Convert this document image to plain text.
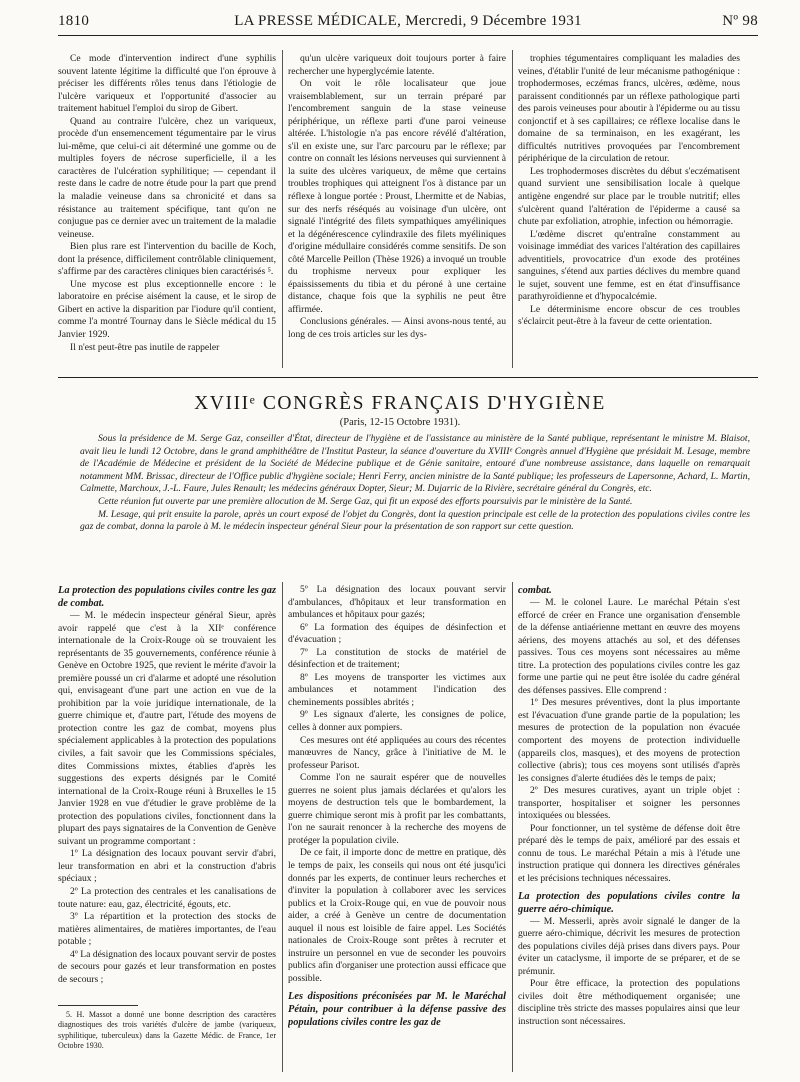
1810	LA PRESSE MÉDICALE, Mercredi, 9 Décembre 1931	Nº 98

Ce mode d'intervention indirect d'une syphilis souvent latente légitime la difficulté que l'on éprouve à préciser les différents rôles tenus dans l'étiologie de l'ulcère variqueux et l'opportunité d'associer au traitement habituel l'emploi du sirop de Gibert.

Quand au contraire l'ulcère, chez un variqueux, procède d'un ensemencement tégumentaire par le virus lui-même, que celui-ci ait déterminé une gomme ou de multiples foyers de nécrose superficielle, il a les caractères de l'ulcération syphilitique; — cependant il reste dans le cadre de notre étude pour la part que prend la maladie veineuse dans sa chronicité et dans sa résistance au traitement spécifique, tant qu'on ne conjugue pas ce dernier avec un traitement de la maladie veineuse.

Bien plus rare est l'intervention du bacille de Koch, dont la présence, difficilement contrôlable cliniquement, s'affirme par des caractères cliniques bien caractérisés ⁵.

Une mycose est plus exceptionnelle encore : le laboratoire en précise aisément la cause, et le sirop de Gibert en active la disparition par l'iodure qu'il contient, comme l'a montré Tournay dans le Siècle médical du 15 Janvier 1929.

Il n'est peut-être pas inutile de rappeler

qu'un ulcère variqueux doit toujours porter à faire rechercher une hyperglycémie latente.

On voit le rôle localisateur que joue vraisemblablement, sur un terrain préparé par l'encombrement sanguin de la stase veineuse périphérique, un réflexe parti d'une paroi veineuse altérée. L'histologie n'a pas encore révélé d'altération, s'il en existe une, sur l'arc parcouru par le réflexe; par contre on connaît les lésions nerveuses qui surviennent à la suite des ulcères variqueux, de même que certains troubles trophiques qui atteignent l'os à distance par un réflexe à longue portée : Proust, Lhermitte et de Nabias, sur des nerfs réséqués au voisinage d'un ulcère, ont signalé l'intégrité des filets sympathiques amyéliniques et la dégénérescence cylindraxile des filets myéliniques d'origine médullaire considérés comme sensitifs. De son côté Marcelle Peillon (Thèse 1926) a invoqué un trouble du trophisme nerveux pour expliquer les épaississements du tibia et du péroné à une certaine distance, chaque fois que la syphilis ne peut être affirmée.

Conclusions générales. — Ainsi avons-nous tenté, au long de ces trois articles sur les dys-

trophies tégumentaires compliquant les maladies des veines, d'établir l'unité de leur mécanisme pathogénique : trophodermoses, eczémas francs, ulcères, œdème, nous paraissent conditionnés par un réflexe pathologique parti des parois veineuses pour aboutir à l'épiderme ou au tissu conjonctif et à ses capillaires; ce réflexe localise dans le domaine de sa terminaison, en les exagérant, les difficultés nutritives provoquées par l'encombrement périphérique de la circulation de retour.

Les trophodermoses discrètes du début s'eczématisent quand survient une sensibilisation locale à quelque antigène engendré sur place par le trouble nutritif; elles s'ulcèrent quand l'altération de l'épiderme a causé sa chute par exfoliation, atrophie, infection ou hémorragie.

L'œdème discret qu'entraîne constamment au voisinage immédiat des varices l'altération des capillaires adventitiels, provocatrice d'un exode des protéines sanguines, s'étend aux parties déclives du membre quand le sujet, souvent une femme, est en état d'insuffisance parathyroïdienne et d'hypocalcémie.

Le déterminisme encore obscur de ces troubles s'éclaircit peut-être à la faveur de cette orientation.

XVIIIᵉ CONGRÈS FRANÇAIS D'HYGIÈNE
(Paris, 12-15 Octobre 1931).

Sous la présidence de M. Serge Gaz, conseiller d'État, directeur de l'hygiène et de l'assistance au ministère de la Santé publique, représentant le ministre M. Blaisot, avait lieu le lundi 12 Octobre, dans le grand amphithéâtre de l'Institut Pasteur, la séance d'ouverture du XVIIIᵉ Congrès annuel d'Hygiène que présidait M. Lesage, membre de l'Académie de Médecine et président de la Société de Médecine publique et de Génie sanitaire, entouré d'une nombreuse assistance, dans laquelle on remarquait notamment MM. Brissac, directeur de l'Office public d'hygiène sociale; Henri Ferry, ancien ministre de la Santé publique; les professeurs de Lapersonne, Achard, L. Martin, Calmette, Marchoux, J.-L. Faure, Jules Renault; les médecins généraux Dopter, Sieur; M. Dujarric de la Rivière, secrétaire général du Congrès, etc.

Cette réunion fut ouverte par une première allocution de M. Serge Gaz, qui fit un exposé des efforts poursuivis par le ministère de la Santé.

M. Lesage, qui prit ensuite la parole, après un court exposé de l'objet du Congrès, dont la question principale est celle de la protection des populations civiles contre les gaz de combat, donna la parole à M. le médecin inspecteur général Sieur pour la présentation de son rapport sur cette question.

La protection des populations civiles contre les gaz de combat.

— M. le médecin inspecteur général Sieur, après avoir rappelé que c'est à la XIIᵉ conférence internationale de la Croix-Rouge où se trouvaient les représentants de 35 gouvernements, conférence réunie à Genève en Octobre 1925, que revient le mérite d'avoir la première poussé un cri d'alarme et adopté une résolution qui, envisageant d'une part une action en vue de la prohibition par la voie juridique internationale, de la guerre chimique et, d'autre part, l'étude des moyens de protection contre les gaz de combat, moyens plus spécialement applicables à la protection des populations civiles, a fait savoir que les Commissions spéciales, dites Commissions mixtes, établies d'après les suggestions des experts désignés par le Comité international de la Croix-Rouge réuni à Bruxelles le 15 Janvier 1928 en vue d'étudier le grave problème de la protection des populations civiles, fonctionnent dans la plupart des pays signataires de la Convention de Genève suivant un programme comportant :

1º La désignation des locaux pouvant servir d'abri, leur transformation en abri et la construction d'abris spéciaux ;

2º La protection des centrales et les canalisations de toute nature: eau, gaz, électricité, égouts, etc.

3º La répartition et la protection des stocks de matières alimentaires, de matières importantes, de l'eau potable ;

4º La désignation des locaux pouvant servir de postes de secours pour gazés et leur transformation en postes de secours ;

5. H. Massot a donné une bonne description des caractères diagnostiques des trois variétés d'ulcère de jambe (variqueux, syphilitique, tuberculeux) dans la Gazette Médic. de France, 1er Octobre 1930.

5º La désignation des locaux pouvant servir d'ambulances, d'hôpitaux et leur transformation en ambulances et hôpitaux pour gazés;

6º La formation des équipes de désinfection et d'évacuation ;

7º La constitution de stocks de matériel de désinfection et de traitement;

8º Les moyens de transporter les victimes aux ambulances et notamment l'indication des cheminements possibles abrités ;

9º Les signaux d'alerte, les consignes de police, celles à donner aux pompiers.

Ces mesures ont été appliquées au cours des récentes manœuvres de Nancy, grâce à l'initiative de M. le professeur Parisot.

Comme l'on ne saurait espérer que de nouvelles guerres ne soient plus jamais déclarées et qu'alors les moyens de destruction tels que le bombardement, la guerre chimique seront mis à profit par les combattants, l'on ne saurait renoncer à la recherche des moyens de protéger la population civile.

De ce fait, il importe donc de mettre en pratique, dès le temps de paix, les conseils qui nous ont été jusqu'ici donnés par les experts, de continuer leurs recherches et d'inviter la population à collaborer avec les services publics et la Croix-Rouge qui, en vue de pouvoir nous aider, a créé à Genève un centre de documentation auquel il nous est loisible de faire appel. Les Sociétés nationales de Croix-Rouge sont prêtes à recruter et instruire un personnel en vue de seconder les pouvoirs publics afin d'organiser une protection aussi efficace que possible.

Les dispositions préconisées par M. le Maréchal Pétain, pour contribuer à la défense passive des populations civiles contre les gaz de

combat.

— M. le colonel Laure. Le maréchal Pétain s'est efforcé de créer en France une organisation d'ensemble de la défense antiaérienne mettant en œuvre des moyens aériens, des moyens attachés au sol, et des défenses passives. Tous ces moyens sont nécessaires au même titre. La protection des populations civiles contre les gaz forme une partie qui ne peut être isolée du cadre général des défenses passives. Elle comprend :

1º Des mesures préventives, dont la plus importante est l'évacuation d'une grande partie de la population; les mesures de protection de la population non évacuée comportent des moyens de protection individuelle (appareils clos, masques), et des moyens de protection collective (abris); tous ces moyens sont utilisés d'après les consignes d'alerte étudiées dès le temps de paix;

2º Des mesures curatives, ayant un triple objet : transporter, hospitaliser et soigner les personnes intoxiquées ou blessées.

Pour fonctionner, un tel système de défense doit être préparé dès le temps de paix, amélioré par des essais et connu de tous. Le maréchal Pétain a mis à l'étude une instruction pratique qui donnera les directives générales et les précisions techniques nécessaires.

La protection des populations civiles contre la guerre aéro-chimique.

— M. Messerli, après avoir signalé le danger de la guerre aéro-chimique, décrivit les mesures de protection des populations civiles déjà prises dans divers pays. Pour éviter un cataclysme, il importe de se préparer, et de se prémunir.

Pour être efficace, la protection des populations civiles doit être méthodiquement organisée; une discipline très stricte des masses populaires ainsi que leur instruction sont nécessaires.
